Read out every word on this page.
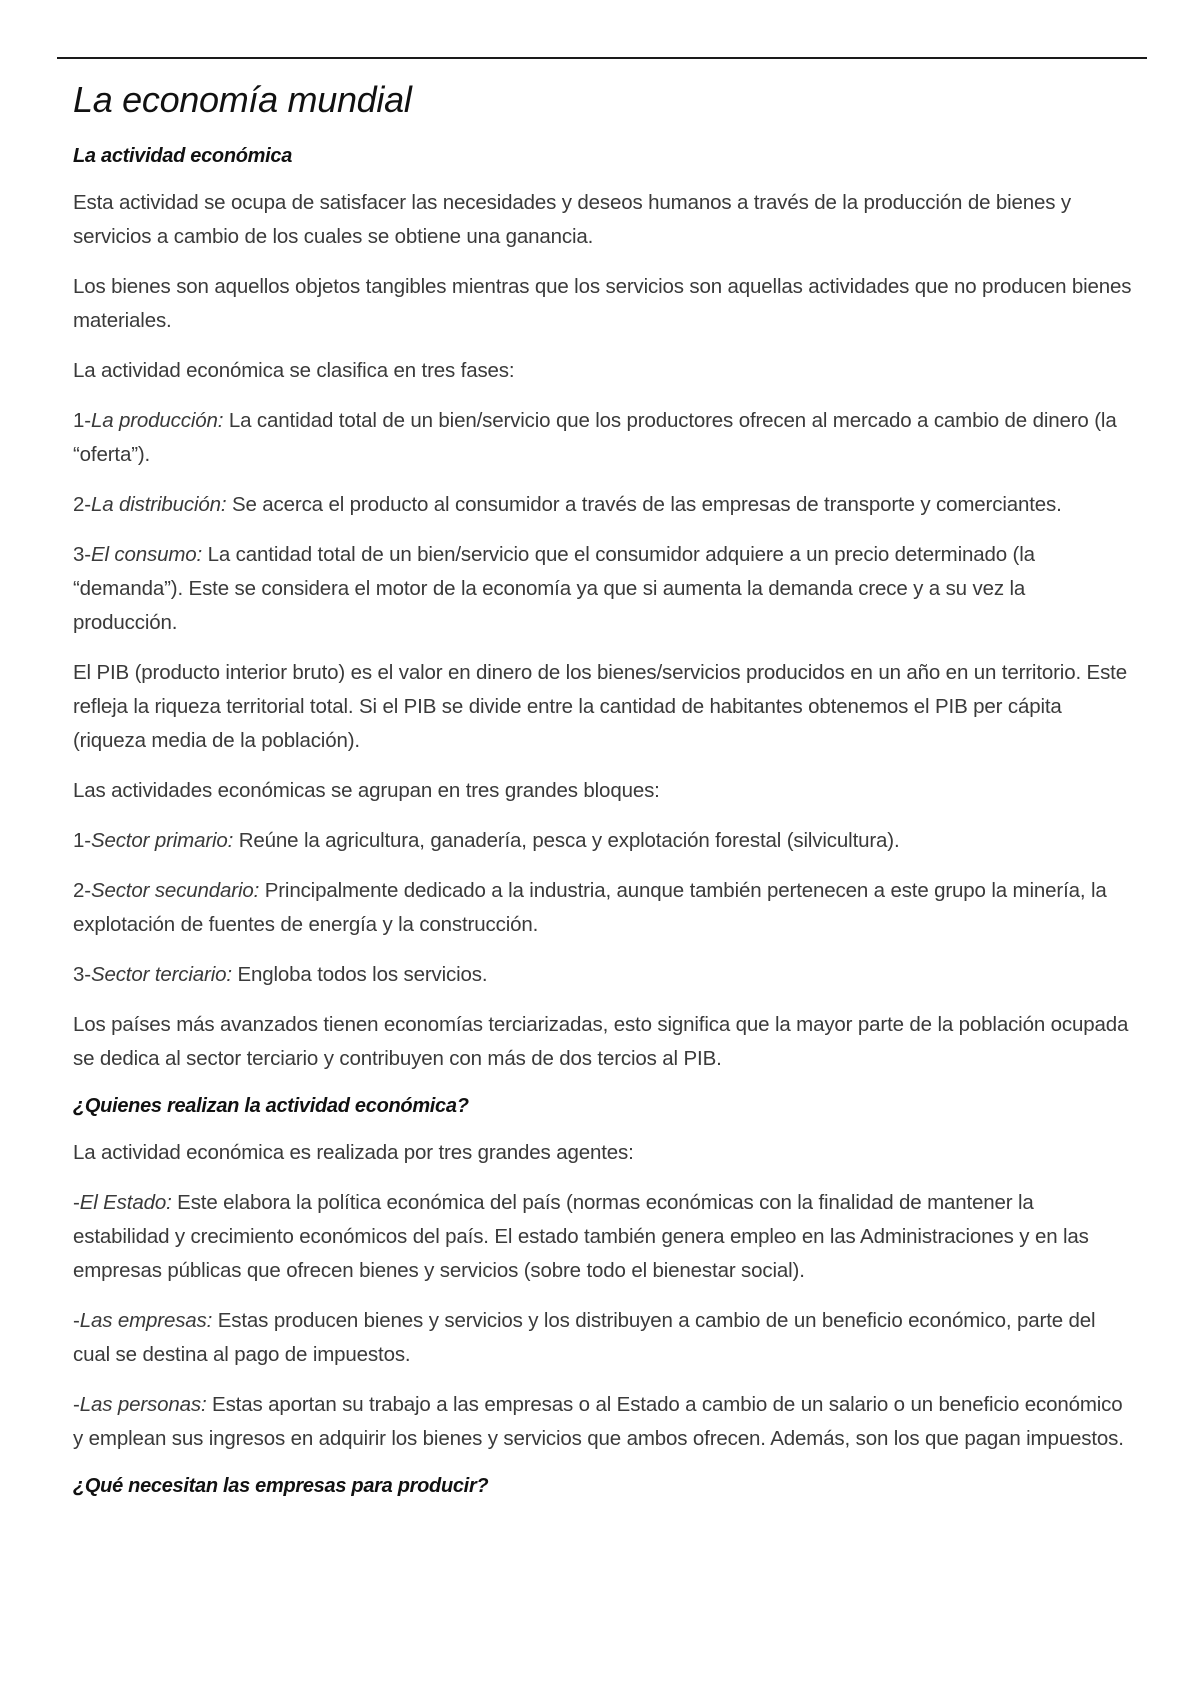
La economía mundial
La actividad económica

Esta actividad se ocupa de satisfacer las necesidades y deseos humanos a través de la producción de bienes y servicios a cambio de los cuales se obtiene una ganancia.

Los bienes son aquellos objetos tangibles mientras que los servicios son aquellas actividades que no producen bienes materiales.

La actividad económica se clasifica en tres fases:

1-La producción: La cantidad total de un bien/servicio que los productores ofrecen al mercado a cambio de dinero (la “oferta”).

2-La distribución: Se acerca el producto al consumidor a través de las empresas de transporte y comerciantes.

3-El consumo: La cantidad total de un bien/servicio que el consumidor adquiere a un precio determinado (la “demanda”). Este se considera el motor de la economía ya que si aumenta la demanda crece y a su vez la producción.

El PIB (producto interior bruto) es el valor en dinero de los bienes/servicios producidos en un año en un territorio. Este refleja la riqueza territorial total. Si el PIB se divide entre la cantidad de habitantes obtenemos el PIB per cápita (riqueza media de la población).

Las actividades económicas se agrupan en tres grandes bloques:

1-Sector primario: Reúne la agricultura, ganadería, pesca y explotación forestal (silvicultura).

2-Sector secundario: Principalmente dedicado a la industria, aunque también pertenecen a este grupo la minería, la explotación de fuentes de energía y la construcción.

3-Sector terciario: Engloba todos los servicios.

Los países más avanzados tienen economías terciarizadas, esto significa que la mayor parte de la población ocupada se dedica al sector terciario y contribuyen con más de dos tercios al PIB.

¿Quienes realizan la actividad económica?

La actividad económica es realizada por tres grandes agentes:

-El Estado: Este elabora la política económica del país (normas económicas con la finalidad de mantener la estabilidad y crecimiento económicos del país. El estado también genera empleo en las Administraciones y en las empresas públicas que ofrecen bienes y servicios (sobre todo el bienestar social).

-Las empresas: Estas producen bienes y servicios y los distribuyen a cambio de un beneficio económico, parte del cual se destina al pago de impuestos.

-Las personas: Estas aportan su trabajo a las empresas o al Estado a cambio de un salario o un beneficio económico y emplean sus ingresos en adquirir los bienes y servicios que ambos ofrecen. Además, son los que pagan impuestos.

¿Qué necesitan las empresas para producir?
